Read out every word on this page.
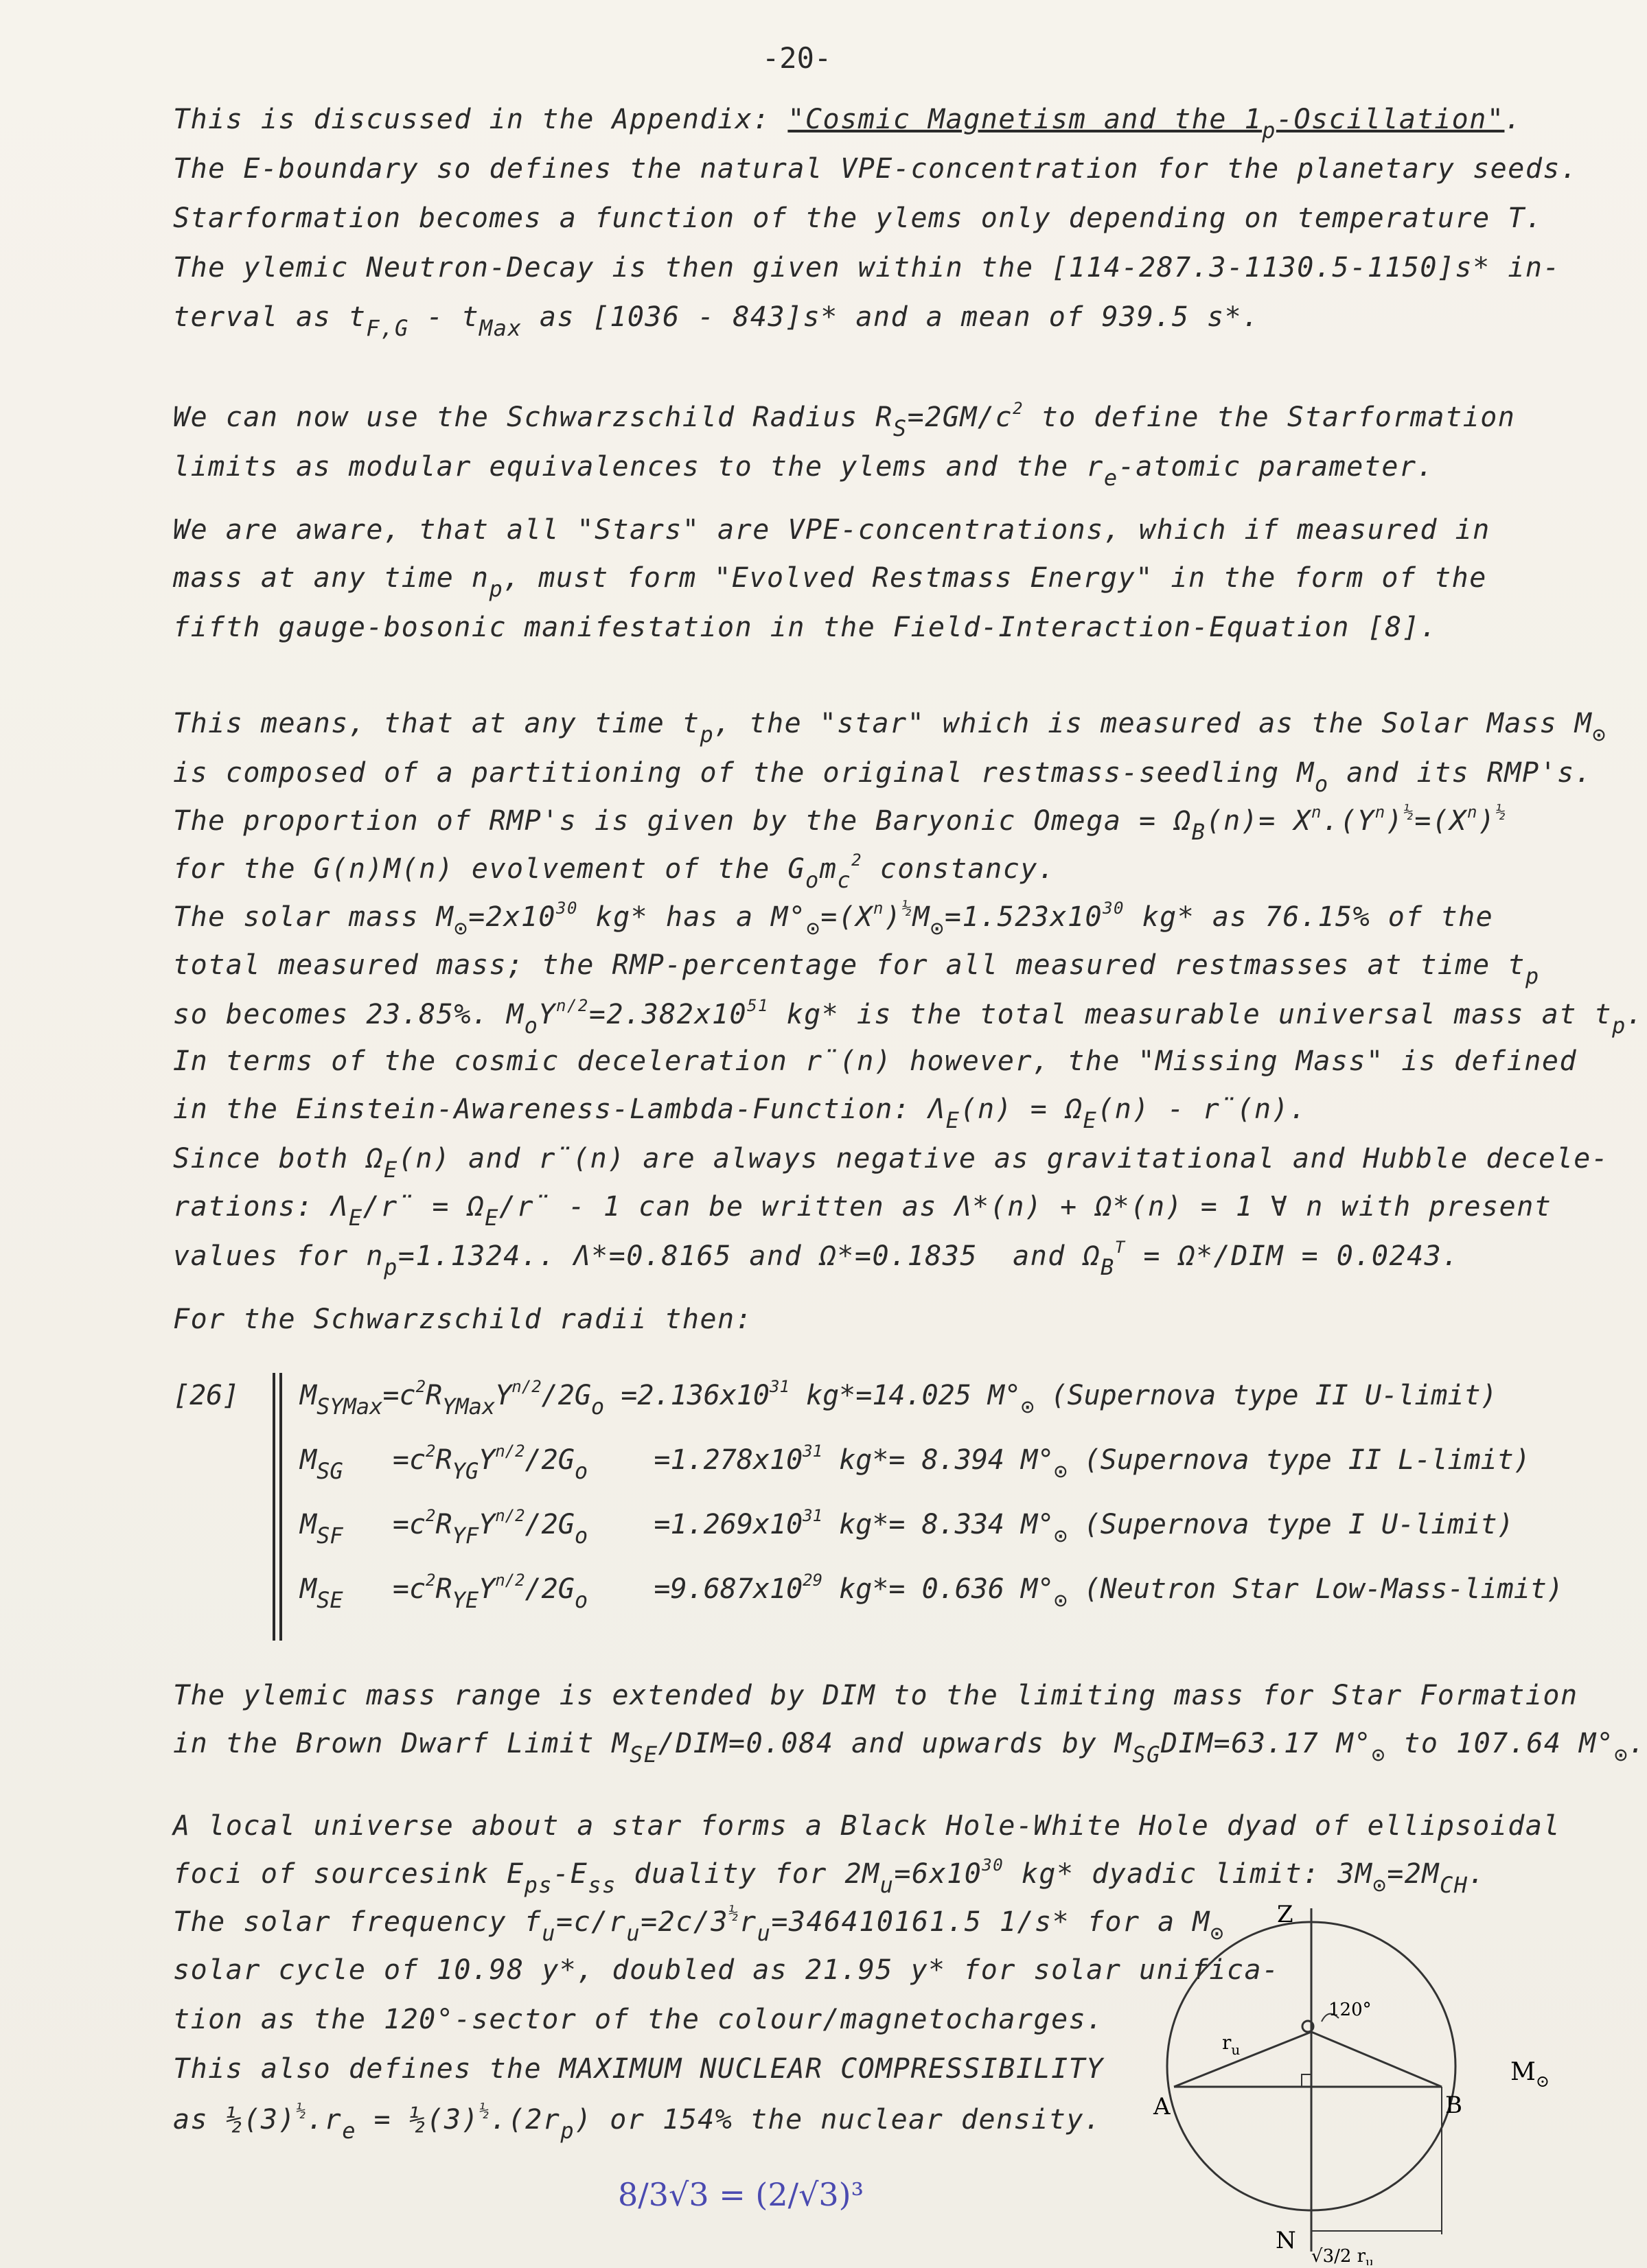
-20-
This is discussed in the Appendix: "Cosmic Magnetism and the $1_p$-Oscillation".
The E-boundary so defines the natural VPE-concentration for the planetary seeds.
Starformation becomes a function of the ylems only depending on temperature T.
The ylemic Neutron-Decay is then given within the [114-287.3-1130.5-1150]s* in-
terval as $t_{F,G} - t_{Max}$ as [1036 - 843]s* and a mean of 939.5 s*.
We can now use the Schwarzschild Radius $R_S=2GM/c^2$ to define the Starformation
limits as modular equivalences to the ylems and the $r_e$-atomic parameter.
We are aware, that all "Stars" are VPE-concentrations, which if measured in
mass at any time $n_p$, must form "Evolved Restmass Energy" in the form of the
fifth gauge-bosonic manifestation in the Field-Interaction-Equation [8].
This means, that at any time $t_p$, the "star" which is measured as the Solar Mass $M_⊙$
is composed of a partitioning of the original restmass-seedling $M_o$ and its RMP's.
The proportion of RMP's is given by the Baryonic Omega = $\Omega_B(n)= X^n.(Y^n)^{\frac{1}{2}}=(X^n)^{\frac{1}{2}}$
for the G(n)M(n) evolvement of the $G_om_c^2$ constancy.
The solar mass $M_⊙=2x10^{30}$ kg* has a $M^\circ_⊙=(X^n)^{\frac{1}{2}}M_⊙=1.523x10^{30}$ kg* as 76.15% of the
total measured mass; the RMP-percentage for all measured restmasses at time $t_p$
so becomes 23.85%. $M_oY^{n/2}=2.382x10^{51}$ kg* is the total measurable universal mass at $t_p$.
In terms of the cosmic deceleration r̈(n) however, the "Missing Mass" is defined
in the Einstein-Awareness-Lambda-Function: $\Lambda_E(n) = \Omega_E(n)$ - r̈(n).
Since both $\Omega_E(n)$ and r̈(n) are always negative as gravitational and Hubble decele-
rations: $\Lambda_E/r̈$ = $\Omega_E/r̈ - 1$ can be written as Λ*(n) + Ω*(n) = 1 ∀ n with present
values for $n_p=1.1324$.. Λ*=0.8165 and Ω*=0.1835  and $\Omega_B^T = \Omega*/DIM = 0.0243$.
For the Schwarzschild radii then:
[26] $M_{SYMax}=c^2R_{YMax}Y^{n/2}/2G_o =2.136x10^{31}$ kg*=14.025 $M^\circ_⊙$ (Supernova type II U-limit)
$M_{SG} =c^2R_{YG}Y^{n/2}/2G_o$    $=1.278x10^{31}$ kg*= 8.394 $M^\circ_⊙$ (Supernova type II L-limit)
$M_{SF} =c^2R_{YF}Y^{n/2}/2G_o$    $=1.269x10^{31}$ kg*= 8.334 $M^\circ_⊙$ (Supernova type I U-limit)
$M_{SE} =c^2R_{YE}Y^{n/2}/2G_o$    $=9.687x10^{29}$ kg*= 0.636 $M^\circ_⊙$ (Neutron Star Low-Mass-limit)
The ylemic mass range is extended by DIM to the limiting mass for Star Formation
in the Brown Dwarf Limit $M_{SE}/DIM=0.084$ and upwards by $M_{SG}DIM=63.17$ $M^\circ_⊙$ to 107.64 $M^\circ_⊙$.
A local universe about a star forms a Black Hole-White Hole dyad of ellipsoidal
foci of sourcesink $E_{ps}-E_{ss}$ duality for $2M_u=6x10^{30}$ kg* dyadic limit: $3M_⊙=2M_{CH}$.
The solar frequency $f_u=c/r_u=2c/3^{\frac{1}{2}}r_u=346410161.5$ 1/s* for a $M_⊙$
solar cycle of 10.98 y*, doubled as 21.95 y* for solar unifica-
tion as the 120°-sector of the colour/magnetocharges.
This also defines the MAXIMUM NUCLEAR COMPRESSIBILITY
as $\frac{1}{2}(3)^{\frac{1}{2}}.r_e$ = $\frac{1}{2}(3)^{\frac{1}{2}}.(2r_p)$ or 154% the nuclear density.
8/3√3 = (2/√3)³
Z
N
A	B
120°
$r_u$
$M_⊙$
√3/2 $r_u$
